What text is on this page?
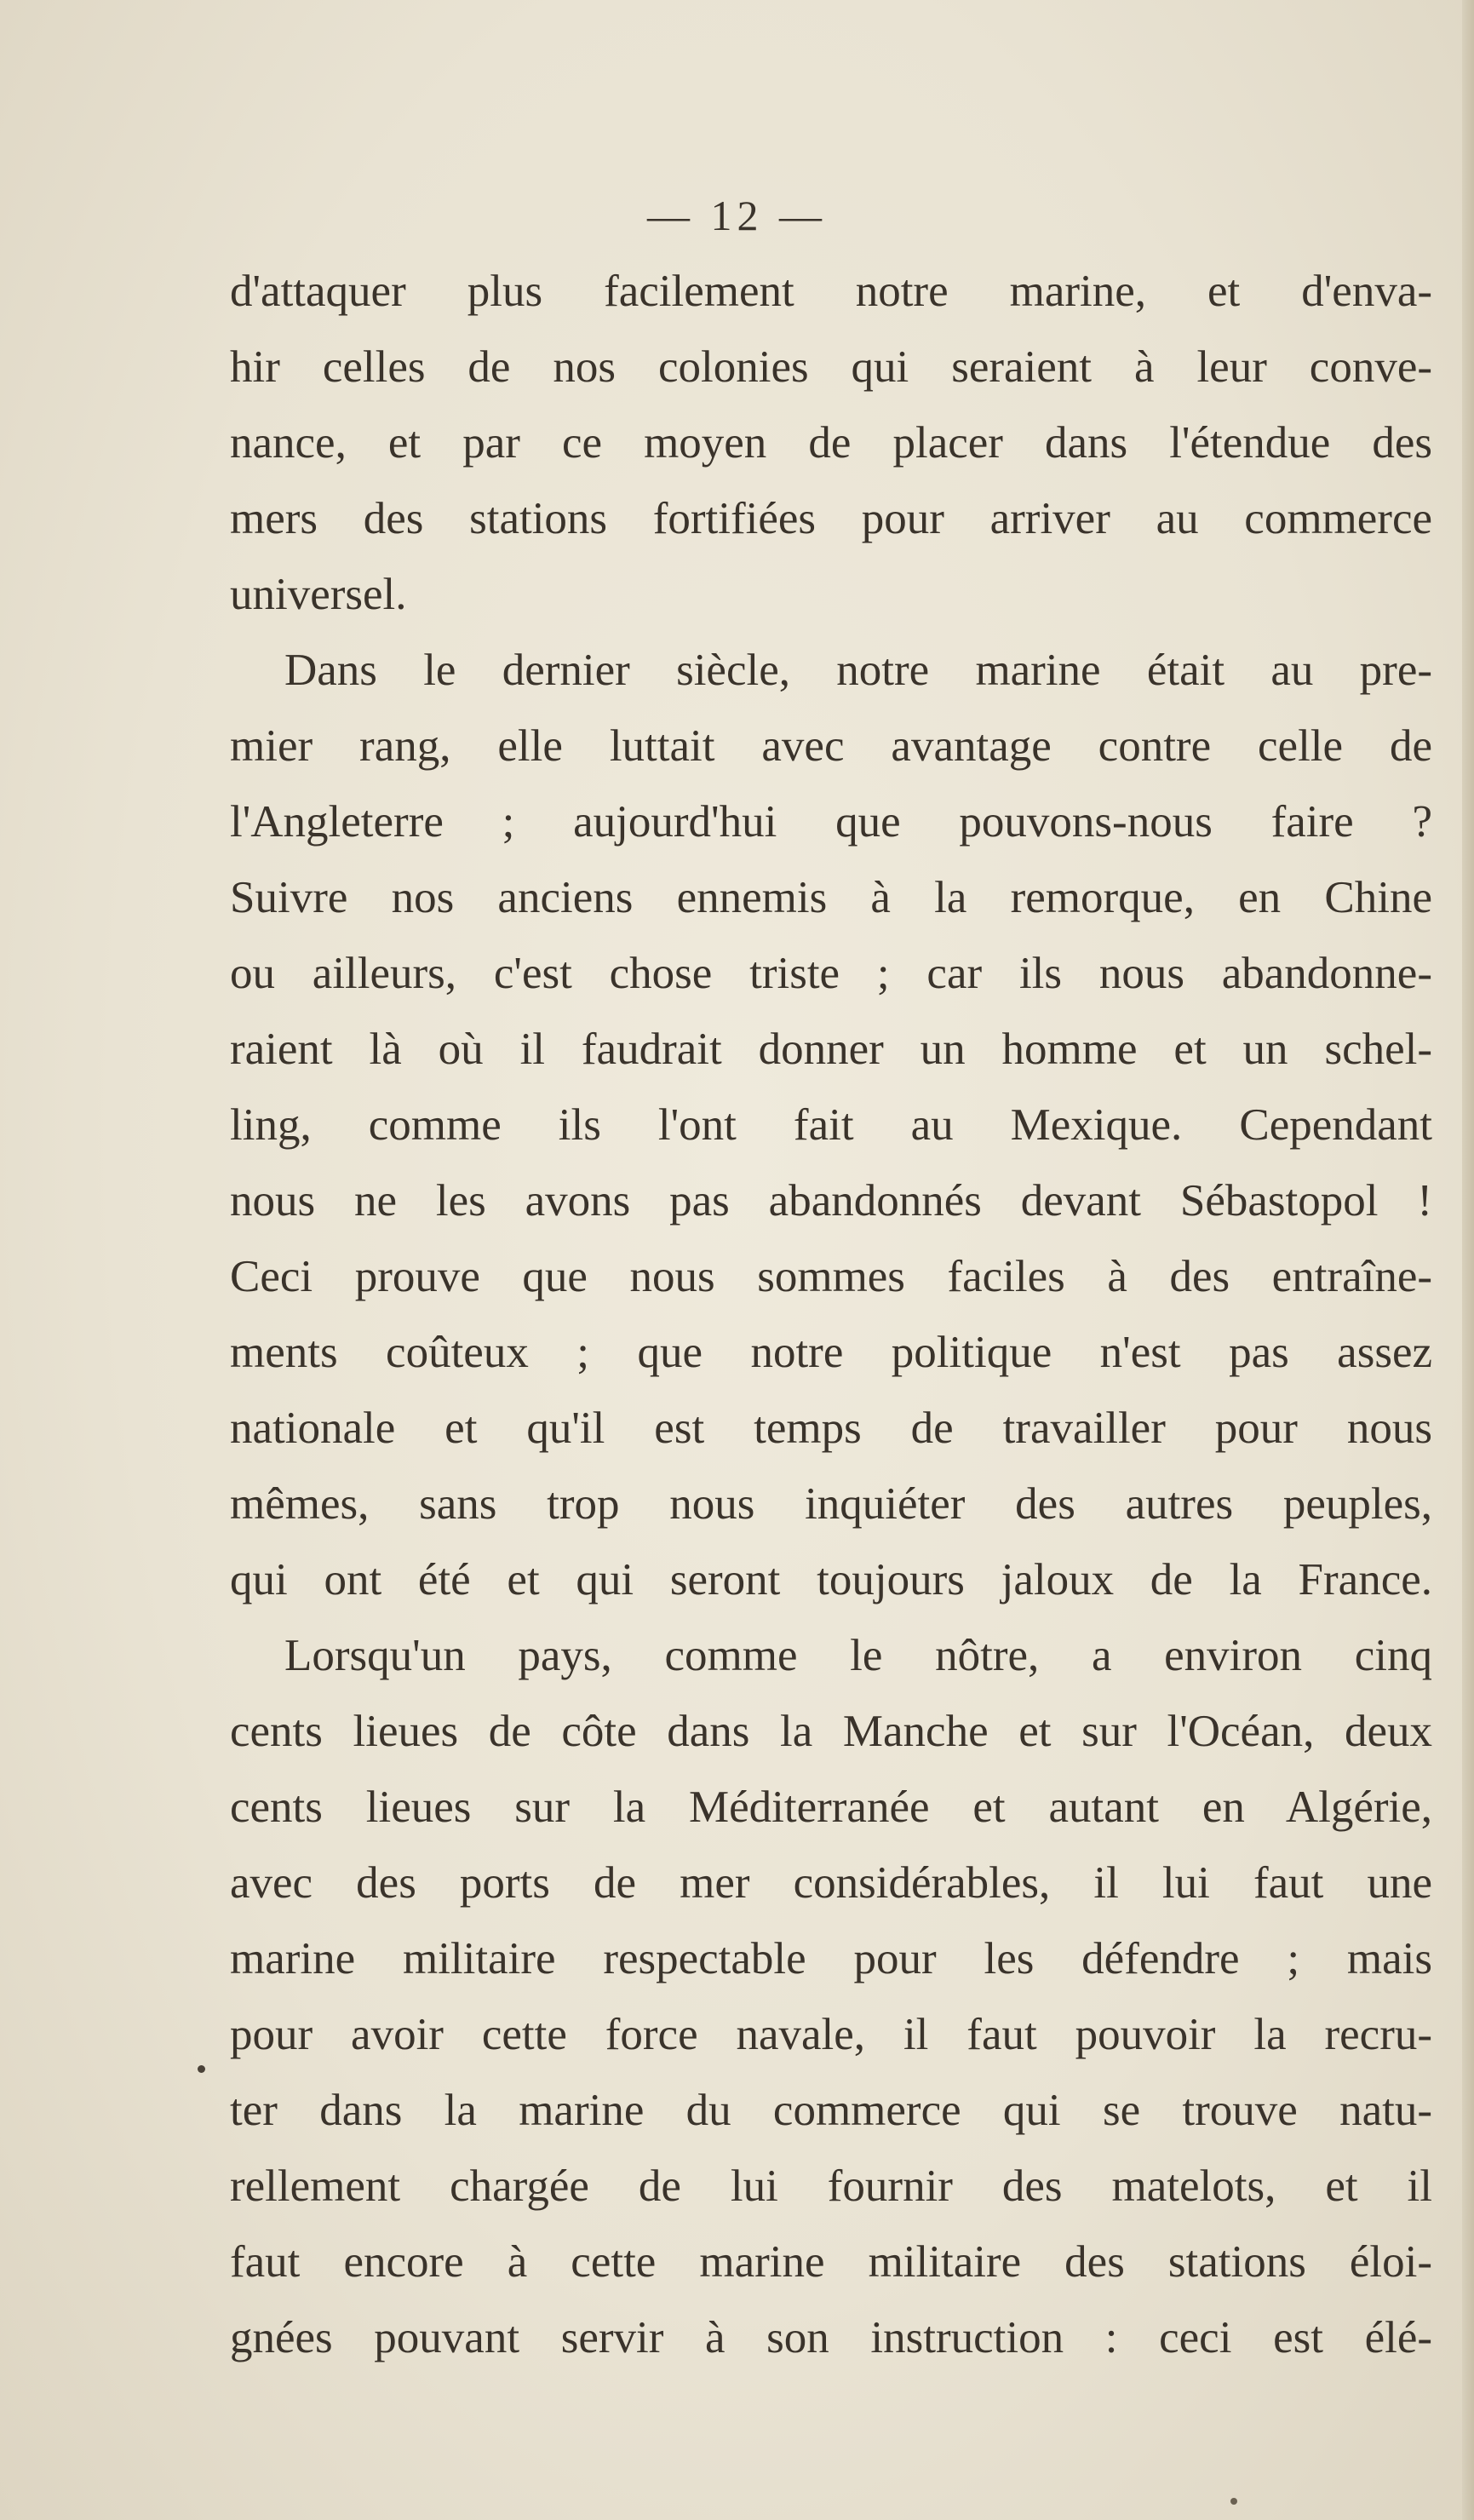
— 12 —
d'attaquer plus facilement notre marine, et d'enva-
hir celles de nos colonies qui seraient à leur conve-
nance, et par ce moyen de placer dans l'étendue des
mers des stations fortifiées pour arriver au commerce
universel.
Dans le dernier siècle, notre marine était au pre-
mier rang, elle luttait avec avantage contre celle de
l'Angleterre ; aujourd'hui que pouvons-nous faire ?
Suivre nos anciens ennemis à la remorque, en Chine
ou ailleurs, c'est chose triste ; car ils nous abandonne-
raient là où il faudrait donner un homme et un schel-
ling, comme ils l'ont fait au Mexique. Cependant
nous ne les avons pas abandonnés devant Sébastopol !
Ceci prouve que nous sommes faciles à des entraîne-
ments coûteux ; que notre politique n'est pas assez
nationale et qu'il est temps de travailler pour nous
mêmes, sans trop nous inquiéter des autres peuples,
qui ont été et qui seront toujours jaloux de la France.
Lorsqu'un pays, comme le nôtre, a environ cinq
cents lieues de côte dans la Manche et sur l'Océan, deux
cents lieues sur la Méditerranée et autant en Algérie,
avec des ports de mer considérables, il lui faut une
marine militaire respectable pour les défendre ; mais
pour avoir cette force navale, il faut pouvoir la recru-
ter dans la marine du commerce qui se trouve natu-
rellement chargée de lui fournir des matelots, et il
faut encore à cette marine militaire des stations éloi-
gnées pouvant servir à son instruction : ceci est élé-
